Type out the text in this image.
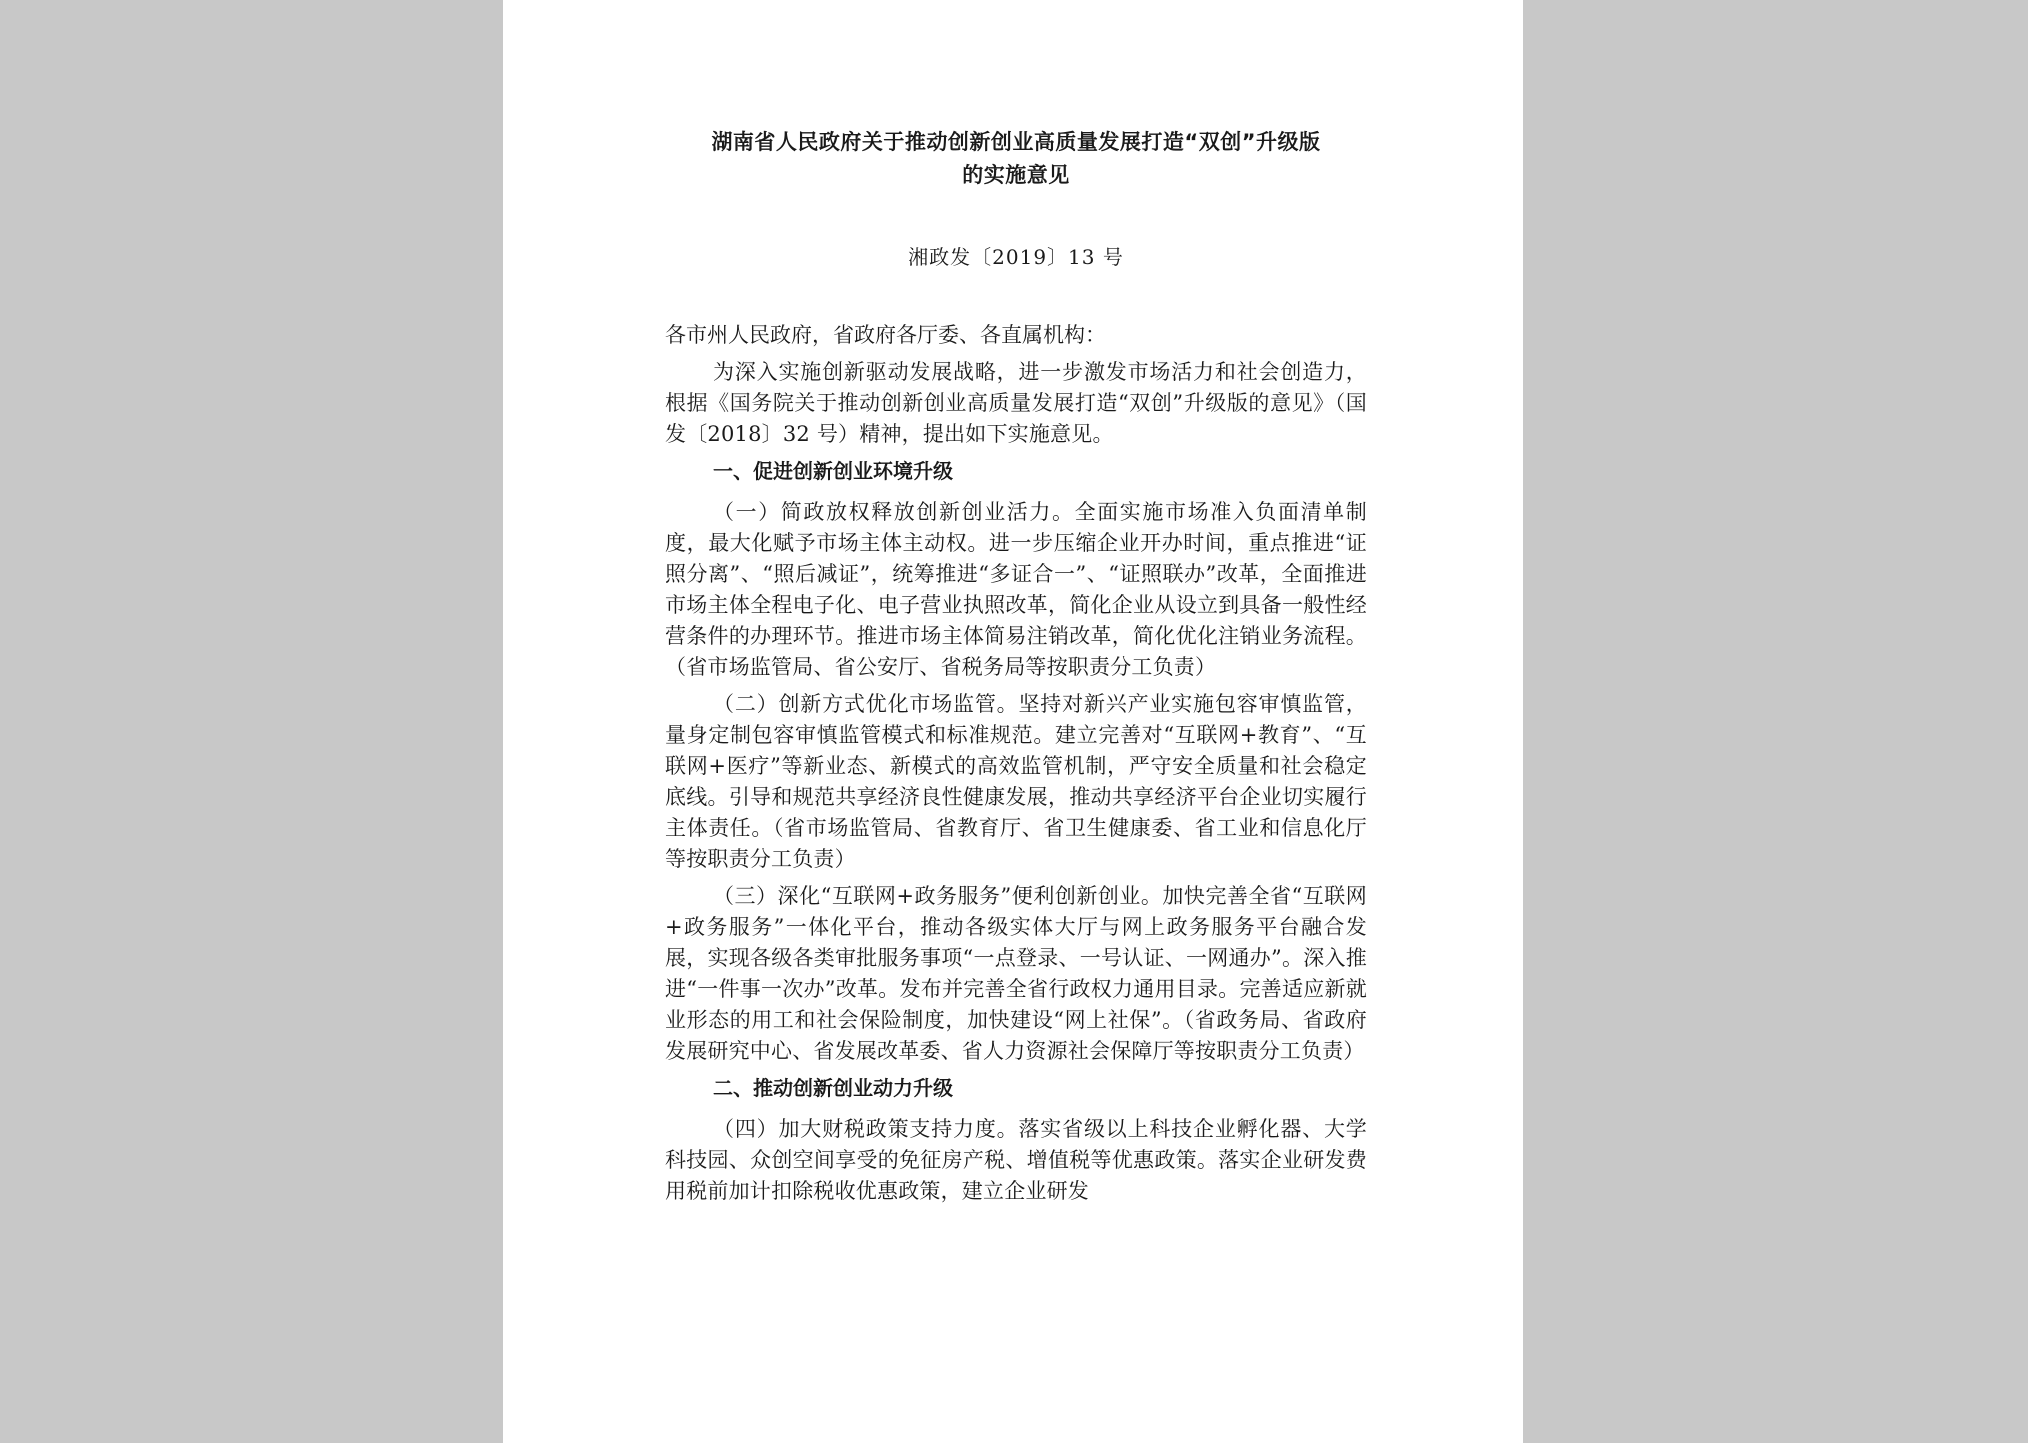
湖南省人民政府关于推动创新创业高质量发展打造“双创”升级版
的实施意见
湘政发〔2019〕13 号

各市州人民政府，省政府各厅委、各直属机构：

为深入实施创新驱动发展战略，进一步激发市场活力和社会创造力，根据《国务院关于推动创新创业高质量发展打造“双创”升级版的意见》（国发〔2018〕32 号）精神，提出如下实施意见。

一、促进创新创业环境升级

（一）简政放权释放创新创业活力。全面实施市场准入负面清单制度，最大化赋予市场主体主动权。进一步压缩企业开办时间，重点推进“证照分离”、“照后减证”，统筹推进“多证合一”、“证照联办”改革，全面推进市场主体全程电子化、电子营业执照改革，简化企业从设立到具备一般性经营条件的办理环节。推进市场主体简易注销改革，简化优化注销业务流程。（省市场监管局、省公安厅、省税务局等按职责分工负责）

（二）创新方式优化市场监管。坚持对新兴产业实施包容审慎监管，量身定制包容审慎监管模式和标准规范。建立完善对“互联网+教育”、“互联网+医疗”等新业态、新模式的高效监管机制，严守安全质量和社会稳定底线。引导和规范共享经济良性健康发展，推动共享经济平台企业切实履行主体责任。（省市场监管局、省教育厅、省卫生健康委、省工业和信息化厅等按职责分工负责）

（三）深化“互联网+政务服务”便利创新创业。加快完善全省“互联网+政务服务”一体化平台，推动各级实体大厅与网上政务服务平台融合发展，实现各级各类审批服务事项“一点登录、一号认证、一网通办”。深入推进“一件事一次办”改革。发布并完善全省行政权力通用目录。完善适应新就业形态的用工和社会保险制度，加快建设“网上社保”。（省政务局、省政府发展研究中心、省发展改革委、省人力资源社会保障厅等按职责分工负责）

二、推动创新创业动力升级

（四）加大财税政策支持力度。落实省级以上科技企业孵化器、大学科技园、众创空间享受的免征房产税、增值税等优惠政策。落实企业研发费用税前加计扣除税收优惠政策，建立企业研发
